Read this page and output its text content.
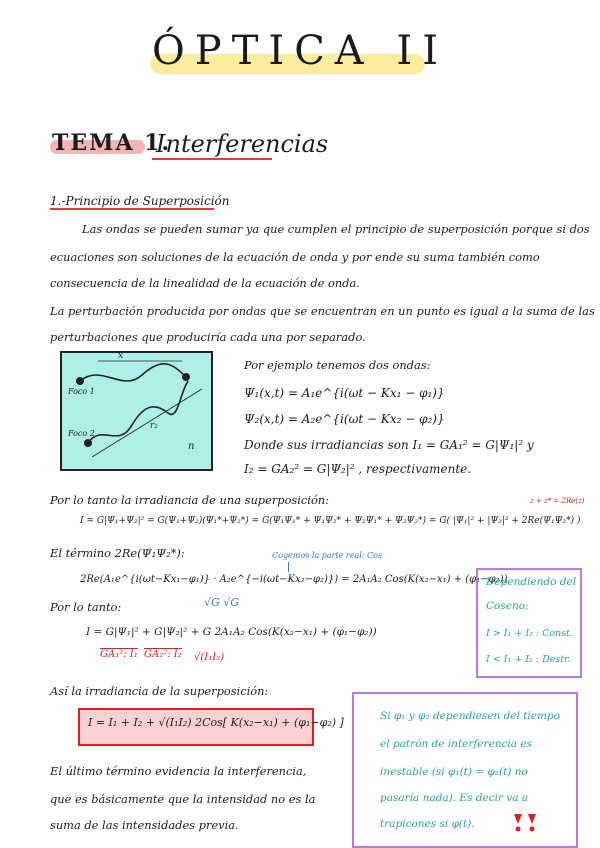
ÓPTICA II
TEMA 1.
Interferencias
1.-Principio de Superposición
Las ondas se pueden sumar ya que cumplen el principio de superposición porque si dos
ecuaciones son soluciones de la ecuación de onda y por ende su suma también como
consecuencia de la linealidad de la ecuación de onda.
La perturbación producida por ondas que se encuentran en un punto es igual a la suma de las
perturbaciones que produciría cada una por separado.
x
r₂
Foco 1
Foco 2
n
Por ejemplo tenemos dos ondas:
Ψ₁(x,t) = A₁e^{i(ωt − Kx₁ − φ₁)}
Ψ₂(x,t) = A₂e^{i(ωt − Kx₂ − φ₂)}
Donde sus irradiancias son I₁ = GA₁² = G|Ψ₁|² y
I₂ = GA₂² = G|Ψ₂|² , respectivamente.
Por lo tanto la irradiancia de una superposición:	z + z* = 2Re(z)
I = G|Ψ₁+Ψ₂|² = G(Ψ₁+Ψ₂)(Ψ₁*+Ψ₂*) = G(Ψ₁Ψ₁* + Ψ₁Ψ₂* + Ψ₂Ψ₁* + Ψ₂Ψ₂*) = G( |Ψ₁|² + |Ψ₂|² + 2Re(Ψ₁Ψ₂*) )
El término 2Re(Ψ₁Ψ₂*):	Cogemos la parte real: Cos
2Re(A₁e^{i(ωt−Kx₁−φ₁)} · A₂e^{−i(ωt−Kx₂−φ₂)}) = 2A₁A₂ Cos(K(x₂−x₁) + (φ₁−φ₂))
Dependiendo del
Coseno:
I > I₁ + I₂ : Const.
I < I₁ + I₂ : Destr.
Por lo tanto:	√G √G
I = G|Ψ₁|² + G|Ψ₂|² + G 2A₁A₂ Cos(K(x₂−x₁) + (φ₁−φ₂))
GA₁²: I₁ GA₂²: I₂ √(I₁I₂)
Así la irradiancia de la superposición:
I = I₁ + I₂ + √(I₁I₂) 2Cos[ K(x₂−x₁) + (φ₁−φ₂) ]
El último término evidencia la interferencia,
que es básicamente que la intensidad no es la
suma de las intensidades previa.
Si φ₁ y φ₂ dependiesen del tiempo
el patrón de interferencia es
inestable (si φ₁(t) = φ₂(t) no
pasaría nada). Es decir va a
trapicones si φ(t).
